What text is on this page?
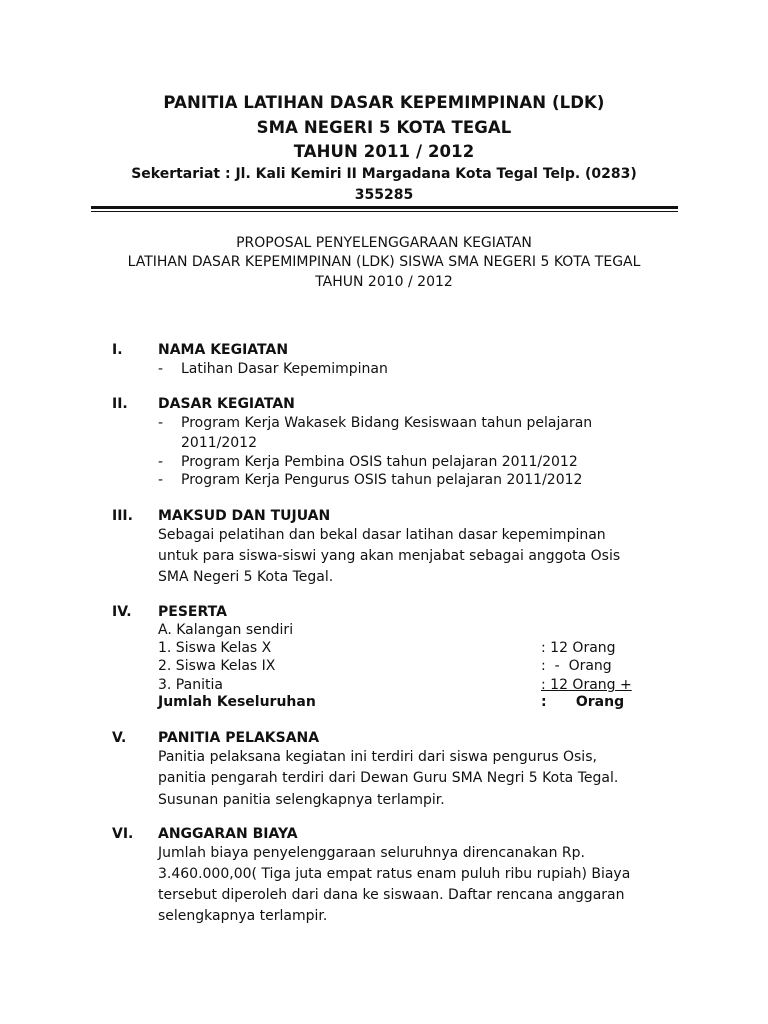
PANITIA LATIHAN DASAR KEPEMIMPINAN (LDK)
SMA NEGERI 5 KOTA TEGAL
TAHUN 2011 / 2012
Sekertariat : Jl. Kali Kemiri II Margadana Kota Tegal Telp. (0283) 355285
PROPOSAL PENYELENGGARAAN KEGIATAN
LATIHAN DASAR KEPEMIMPINAN (LDK) SISWA SMA NEGERI 5 KOTA TEGAL
TAHUN 2010 / 2012
I.	NAMA KEGIATAN
- Latihan Dasar Kepemimpinan
II. DASAR KEGIATAN
- Program Kerja Wakasek Bidang Kesiswaan tahun pelajaran
2011/2012
- Program Kerja Pembina OSIS tahun pelajaran 2011/2012
- Program Kerja Pengurus OSIS tahun pelajaran 2011/2012
III. MAKSUD DAN TUJUAN
Sebagai pelatihan dan bekal dasar latihan dasar kepemimpinan
untuk para siswa-siswi yang akan menjabat sebagai anggota Osis
SMA Negeri 5 Kota Tegal.
IV. PESERTA
A. Kalangan sendiri
1. Siswa Kelas X	: 12 Orang
2. Siswa Kelas IX	:  -  Orang
3. Panitia	: 12 Orang +
Jumlah Keseluruhan	:      Orang
V. PANITIA PELAKSANA
Panitia pelaksana kegiatan ini terdiri dari siswa pengurus Osis,
panitia pengarah terdiri dari Dewan Guru SMA Negri 5 Kota Tegal.
Susunan panitia selengkapnya terlampir.
VI. ANGGARAN BIAYA
Jumlah biaya penyelenggaraan seluruhnya direncanakan Rp.
3.460.000,00( Tiga juta empat ratus enam puluh ribu rupiah) Biaya
tersebut diperoleh dari dana ke siswaan. Daftar rencana anggaran
selengkapnya terlampir.
